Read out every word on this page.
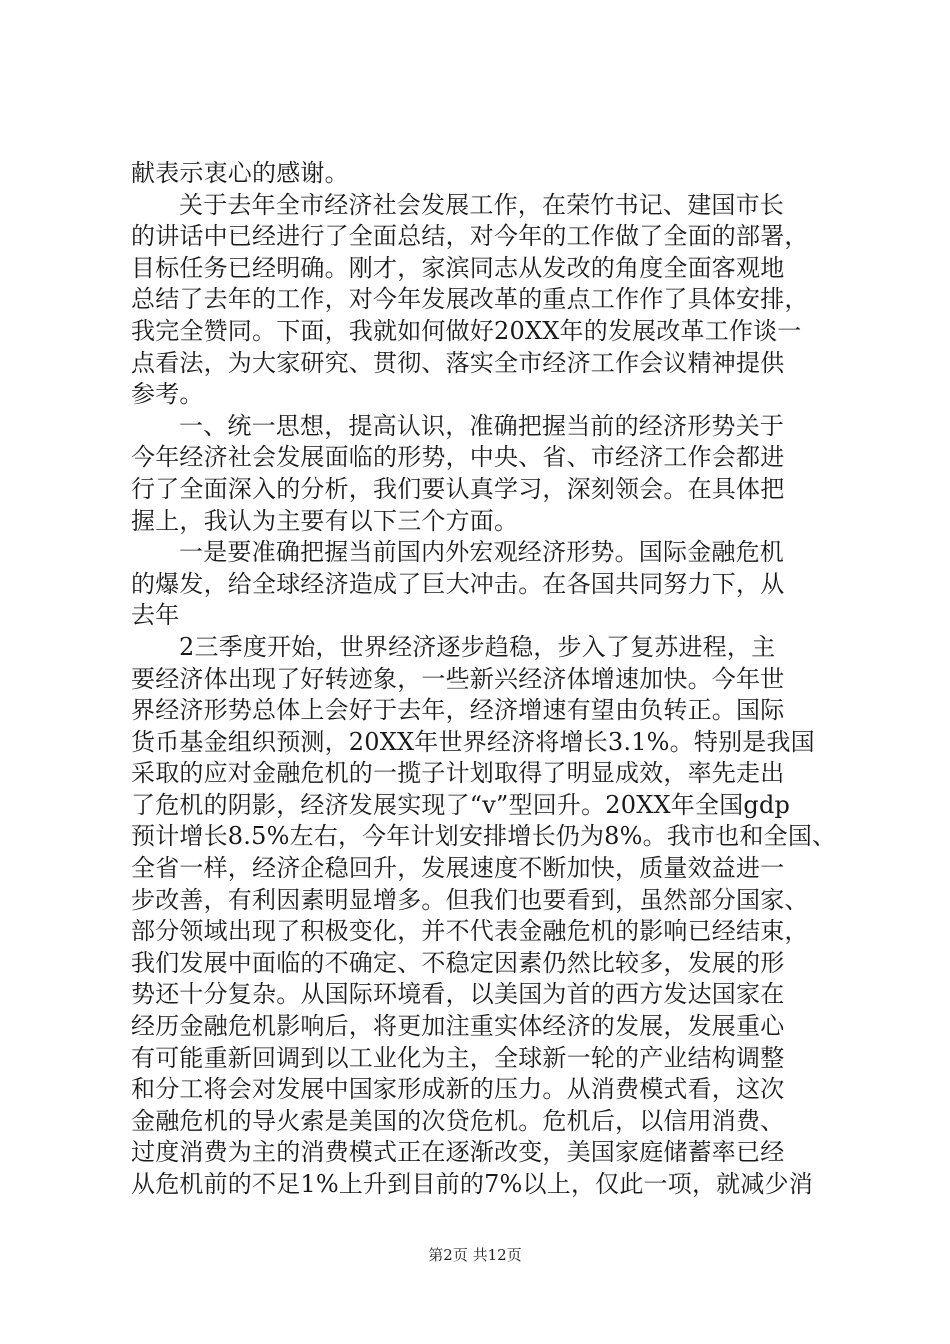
献表示衷心的感谢。
关于去年全市经济社会发展工作，在荣竹书记、建国市长
的讲话中已经进行了全面总结，对今年的工作做了全面的部署，
目标任务已经明确。刚才，家滨同志从发改的角度全面客观地
总结了去年的工作，对今年发展改革的重点工作作了具体安排，
我完全赞同。下面，我就如何做好20XX年的发展改革工作谈一
点看法，为大家研究、贯彻、落实全市经济工作会议精神提供
参考。
一、统一思想，提高认识，准确把握当前的经济形势关于
今年经济社会发展面临的形势，中央、省、市经济工作会都进
行了全面深入的分析，我们要认真学习，深刻领会。在具体把
握上，我认为主要有以下三个方面。
一是要准确把握当前国内外宏观经济形势。国际金融危机
的爆发，给全球经济造成了巨大冲击。在各国共同努力下，从
去年
2三季度开始，世界经济逐步趋稳，步入了复苏进程，主
要经济体出现了好转迹象，一些新兴经济体增速加快。今年世
界经济形势总体上会好于去年，经济增速有望由负转正。国际
货币基金组织预测，20XX年世界经济将增长3.1%。特别是我国
采取的应对金融危机的一揽子计划取得了明显成效，率先走出
了危机的阴影，经济发展实现了“v”型回升。20XX年全国gdp
预计增长8.5%左右，今年计划安排增长仍为8%。我市也和全国、
全省一样，经济企稳回升，发展速度不断加快，质量效益进一
步改善，有利因素明显增多。但我们也要看到，虽然部分国家、
部分领域出现了积极变化，并不代表金融危机的影响已经结束，
我们发展中面临的不确定、不稳定因素仍然比较多，发展的形
势还十分复杂。从国际环境看，以美国为首的西方发达国家在
经历金融危机影响后，将更加注重实体经济的发展，发展重心
有可能重新回调到以工业化为主，全球新一轮的产业结构调整
和分工将会对发展中国家形成新的压力。从消费模式看，这次
金融危机的导火索是美国的次贷危机。危机后，以信用消费、
过度消费为主的消费模式正在逐渐改变，美国家庭储蓄率已经
从危机前的不足1%上升到目前的7%以上，仅此一项，就减少消
第2页 共12页
